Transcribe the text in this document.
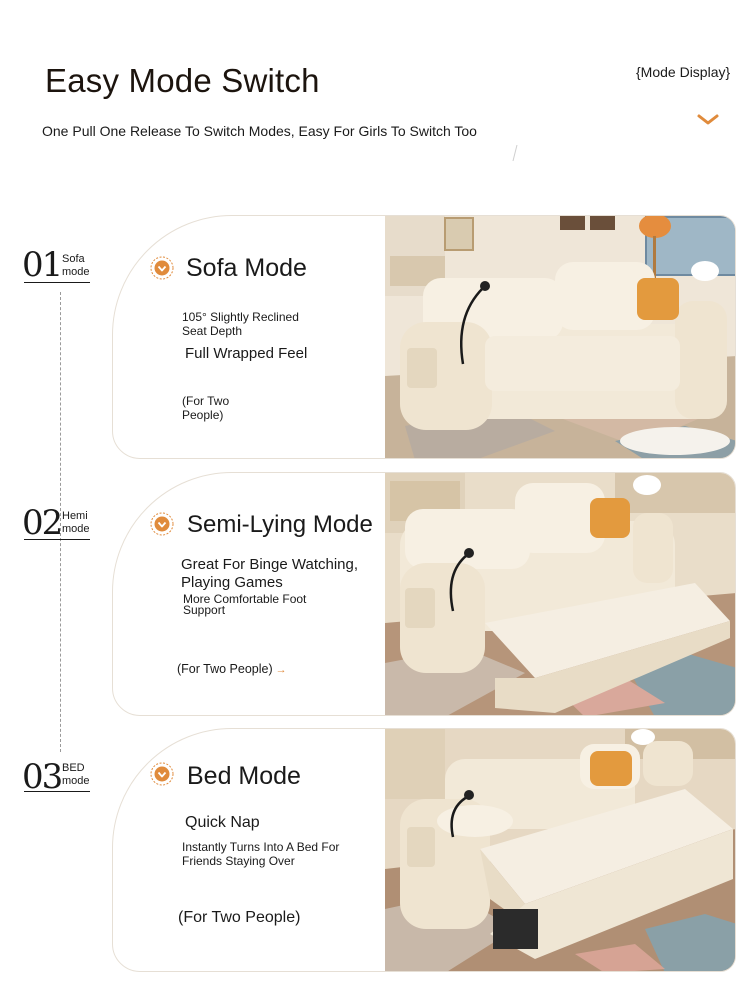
Easy Mode Switch
One Pull One Release To Switch Modes, Easy For Girls To Switch Too
{Mode Display}
01 Sofa
mode
02 Hemi
mode
03 BED
mode
Sofa Mode
105° Slightly Reclined Seat Depth
Full Wrapped Feel
(For Two People)
Semi-Lying Mode
Great For Binge Watching, Playing Games
More Comfortable Foot Support
(For Two People) →
Bed Mode
Quick Nap
Instantly Turns Into A Bed For Friends Staying Over
(For Two People)
